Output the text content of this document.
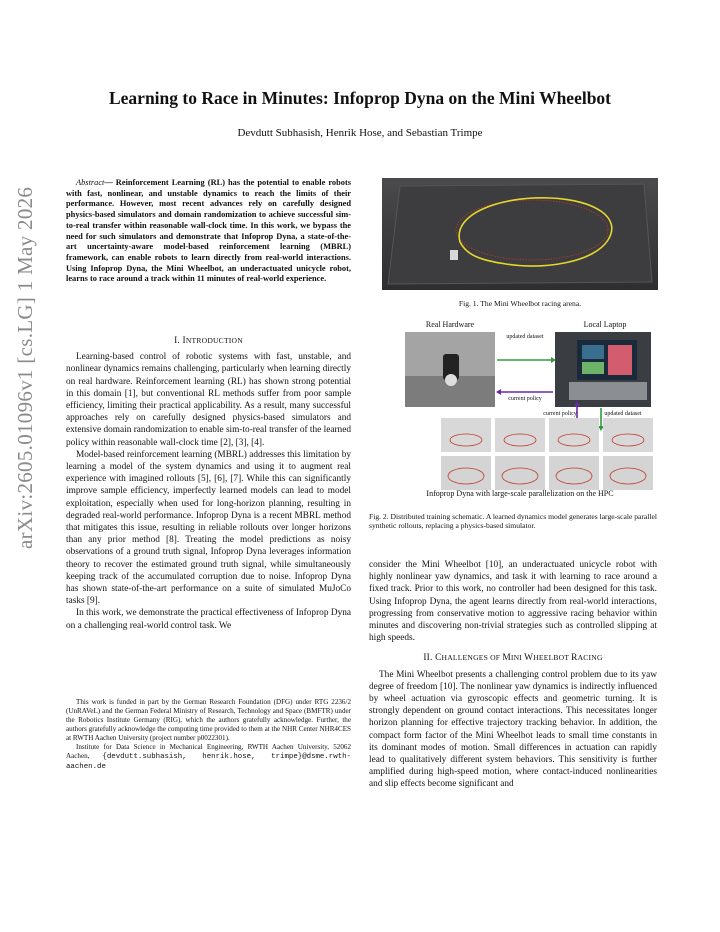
arXiv:2605.01096v1 [cs.LG] 1 May 2026
Learning to Race in Minutes: Infoprop Dyna on the Mini Wheelbot
Devdutt Subhasish, Henrik Hose, and Sebastian Trimpe
Abstract— Reinforcement Learning (RL) has the potential to enable robots with fast, nonlinear, and unstable dynamics to reach the limits of their performance. However, most recent advances rely on carefully designed physics-based simulators and domain randomization to achieve successful sim-to-real transfer within reasonable wall-clock time. In this work, we bypass the need for such simulators and demonstrate that Infoprop Dyna, a state-of-the-art uncertainty-aware model-based reinforcement learning (MBRL) framework, can enable robots to learn directly from real-world interactions. Using Infoprop Dyna, the Mini Wheelbot, an underactuated unicycle robot, learns to race around a track within 11 minutes of real-world experience.

I. INTRODUCTION

Learning-based control of robotic systems with fast, unstable, and nonlinear dynamics remains challenging, particularly when learning directly on real hardware. Reinforcement learning (RL) has shown strong potential in this domain [1], but conventional RL methods suffer from poor sample efficiency, limiting their practical applicability. As a result, many successful approaches rely on carefully designed physics-based simulators and extensive domain randomization to enable sim-to-real transfer of the learned policy within reasonable wall-clock time [2], [3], [4].

Model-based reinforcement learning (MBRL) addresses this limitation by learning a model of the system dynamics and using it to augment real experience with imagined rollouts [5], [6], [7]. While this can significantly improve sample efficiency, imperfectly learned models can lead to model exploitation, especially when used for long-horizon planning, resulting in degraded real-world performance. Infoprop Dyna is a recent MBRL method that mitigates this issue, resulting in reliable rollouts over longer horizons than any prior method [8]. Treating the model predictions as noisy observations of a ground truth signal, Infoprop Dyna leverages information theory to recover the estimated ground truth signal, while simultaneously keeping track of the accumulated corruption due to noise. Infoprop Dyna has shown state-of-the-art performance on a suite of simulated MuJoCo tasks [9].

In this work, we demonstrate the practical effectiveness of Infoprop Dyna on a challenging real-world control task. We

This work is funded in part by the German Research Foundation (DFG) under RTG 2236/2 (UnRAVeL) and the German Federal Ministry of Research, Technology and Space (BMFTR) under the Robotics Institute Germany (RIG), which the authors gratefully acknowledge. Further, the authors gratefully acknowledge the computing time provided to them at the NHR Center NHR4CES at RWTH Aachen University (project number p0022301).

Institute for Data Science in Mechanical Engineering, RWTH Aachen University, 52062 Aachen, {devdutt.subhasish, henrik.hose, trimpe}@dsme.rwth-aachen.de

Fig. 1. The Mini Wheelbot racing arena.
Real Hardware	Local Laptop
updated dataset
current policy
current policy	updated dataset
Infoprop Dyna with large-scale parallelization on the HPC
Fig. 2. Distributed training schematic. A learned dynamics model generates large-scale parallel synthetic rollouts, replacing a physics-based simulator.

consider the Mini Wheelbot [10], an underactuated unicycle robot with highly nonlinear yaw dynamics, and task it with learning to race around a fixed track. Prior to this work, no controller had been designed for this task. Using Infoprop Dyna, the agent learns directly from real-world interactions, progressing from conservative motion to aggressive racing behavior within minutes and discovering non-trivial strategies such as controlled slipping at high speeds.

II. CHALLENGES OF MINI WHEELBOT RACING

The Mini Wheelbot presents a challenging control problem due to its yaw degree of freedom [10]. The nonlinear yaw dynamics is indirectly influenced by wheel actuation via gyroscopic effects and geometric turning. It is strongly dependent on ground contact interactions. This necessitates longer horizon planning for effective trajectory tracking behavior. In addition, the compact form factor of the Mini Wheelbot leads to small time constants in its dominant modes of motion. Small differences in actuation can rapidly lead to qualitatively different system behaviors. This sensitivity is further amplified during high-speed motion, where contact-induced nonlinearities and slip effects become significant and
